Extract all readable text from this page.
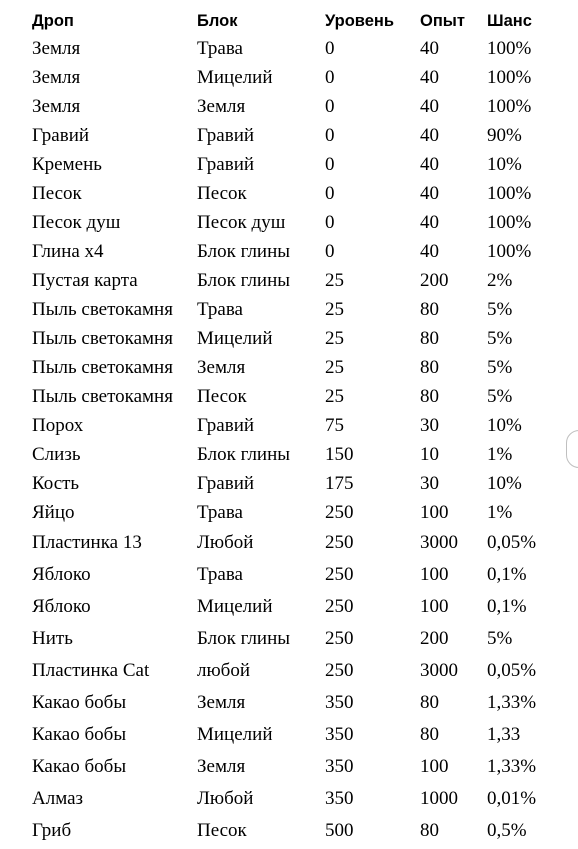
Дроп	Блок	Уровень	Опыт	Шанс
Земля	Трава	0	40	100%
Земля	Мицелий	0	40	100%
Земля	Земля	0	40	100%
Гравий	Гравий	0	40	90%
Кремень	Гравий	0	40	10%
Песок	Песок	0	40	100%
Песок душ	Песок душ	0	40	100%
Глина x4	Блок глины	0	40	100%
Пустая карта	Блок глины	25	200	2%
Пыль светокамня	Трава	25	80	5%
Пыль светокамня	Мицелий	25	80	5%
Пыль светокамня	Земля	25	80	5%
Пыль светокамня	Песок	25	80	5%
Порох	Гравий	75	30	10%
Слизь	Блок глины	150	10	1%
Кость	Гравий	175	30	10%
Яйцо	Трава	250	100	1%
Пластинка 13	Любой	250	3000	0,05%
Яблоко	Трава	250	100	0,1%
Яблоко	Мицелий	250	100	0,1%
Нить	Блок глины	250	200	5%
Пластинка Cat	любой	250	3000	0,05%
Какао бобы	Земля	350	80	1,33%
Какао бобы	Мицелий	350	80	1,33
Какао бобы	Земля	350	100	1,33%
Алмаз	Любой	350	1000	0,01%
Гриб	Песок	500	80	0,5%
